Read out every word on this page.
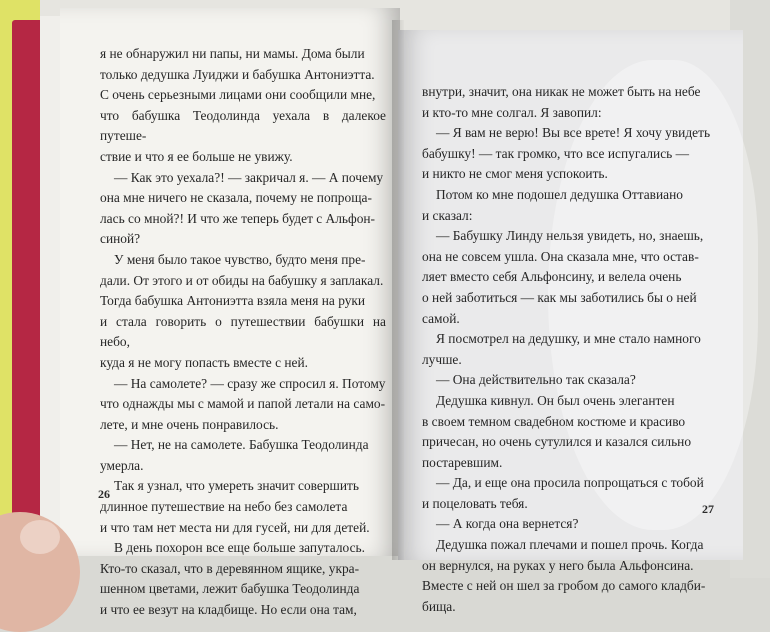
я не обнаружил ни папы, ни мамы. Дома были

только дедушка Луиджи и бабушка Антониэтта.

С очень серьезными лицами они сообщили мне,

что бабушка Теодолинда уехала в далекое путеше-

ствие и что я ее больше не увижу.

— Как это уехала?! — закричал я. — А почему

она мне ничего не сказала, почему не попроща-

лась со мной?! И что же теперь будет с Альфон-

синой?

У меня было такое чувство, будто меня пре-

дали. От этого и от обиды на бабушку я заплакал.

Тогда бабушка Антониэтта взяла меня на руки

и стала говорить о путешествии бабушки на небо,

куда я не могу попасть вместе с ней.

— На самолете? — сразу же спросил я. Потому

что однажды мы с мамой и папой летали на само-

лете, и мне очень понравилось.

— Нет, не на самолете. Бабушка Теодолинда

умерла.

Так я узнал, что умереть значит совершить

длинное путешествие на небо без самолета

и что там нет места ни для гусей, ни для детей.

В день похорон все еще больше запуталось.

Кто-то сказал, что в деревянном ящике, укра-

шенном цветами, лежит бабушка Теодолинда

и что ее везут на кладбище. Но если она там,

26

внутри, значит, она никак не может быть на небе

и кто-то мне солгал. Я завопил:

— Я вам не верю! Вы все врете! Я хочу увидеть

бабушку! — так громко, что все испугались —

и никто не смог меня успокоить.

Потом ко мне подошел дедушка Оттавиано

и сказал:

— Бабушку Линду нельзя увидеть, но, знаешь,

она не совсем ушла. Она сказала мне, что остав-

ляет вместо себя Альфонсину, и велела очень

о ней заботиться — как мы заботились бы о ней

самой.

Я посмотрел на дедушку, и мне стало намного

лучше.

— Она действительно так сказала?

Дедушка кивнул. Он был очень элегантен

в своем темном свадебном костюме и красиво

причесан, но очень сутулился и казался сильно

постаревшим.

— Да, и еще она просила попрощаться с тобой

и поцеловать тебя.

— А когда она вернется?

Дедушка пожал плечами и пошел прочь. Когда

он вернулся, на руках у него была Альфонсина.

Вместе с ней он шел за гробом до самого кладби-

бища.

27
